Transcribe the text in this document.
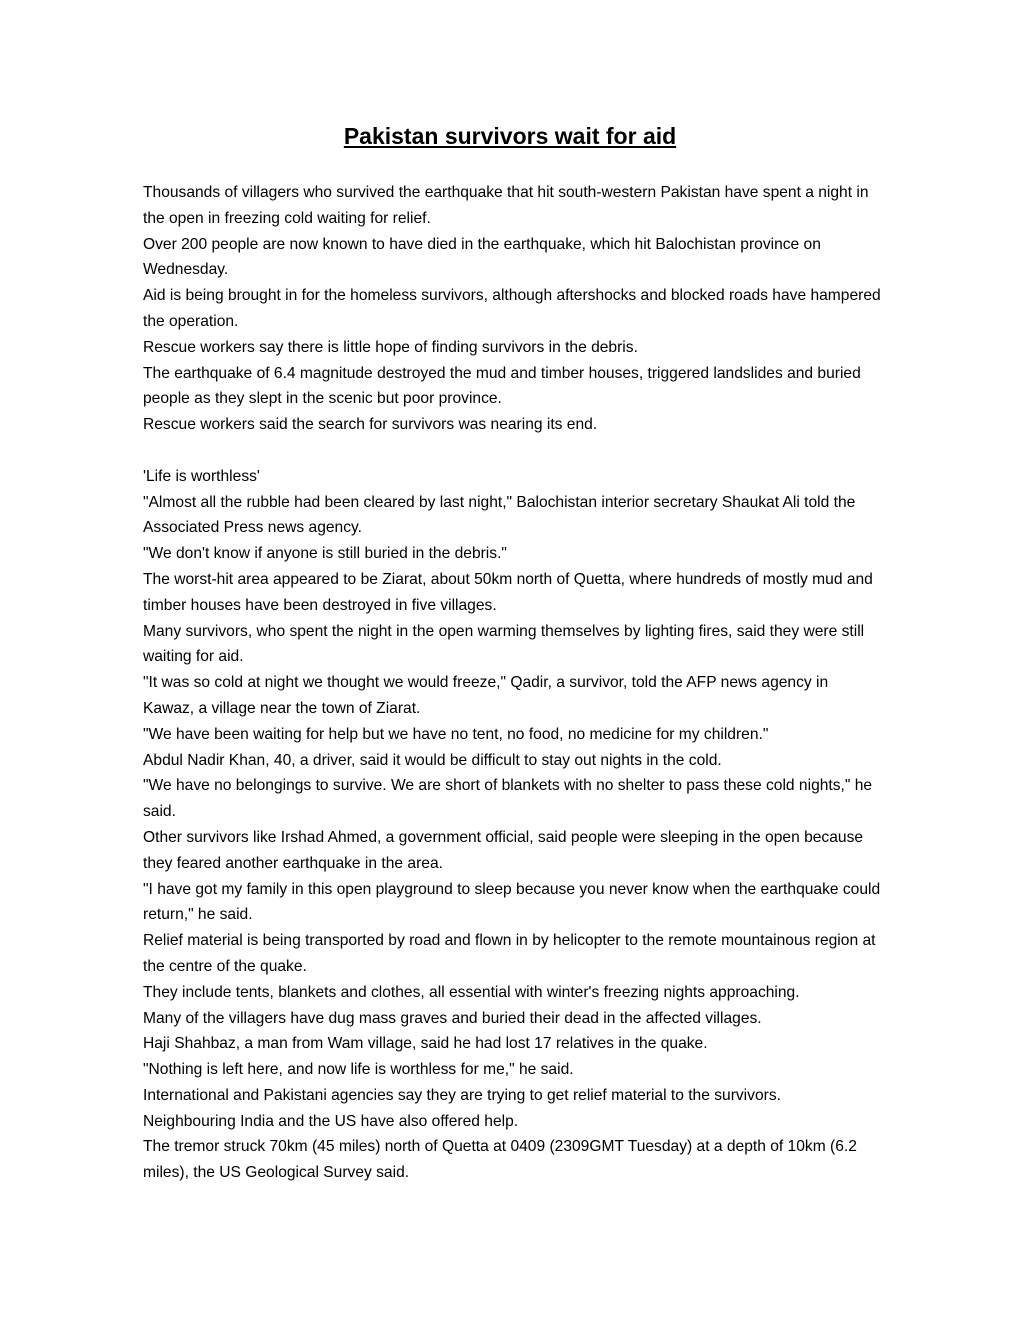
Pakistan survivors wait for aid

Thousands of villagers who survived the earthquake that hit south-western Pakistan have spent a night in the open in freezing cold waiting for relief.

Over 200 people are now known to have died in the earthquake, which hit Balochistan province on Wednesday.

Aid is being brought in for the homeless survivors, although aftershocks and blocked roads have hampered the operation.

Rescue workers say there is little hope of finding survivors in the debris.

The earthquake of 6.4 magnitude destroyed the mud and timber houses, triggered landslides and buried people as they slept in the scenic but poor province.

Rescue workers said the search for survivors was nearing its end.

'Life is worthless'

"Almost all the rubble had been cleared by last night," Balochistan interior secretary Shaukat Ali told the Associated Press news agency.

"We don't know if anyone is still buried in the debris."

The worst-hit area appeared to be Ziarat, about 50km north of Quetta, where hundreds of mostly mud and timber houses have been destroyed in five villages.

Many survivors, who spent the night in the open warming themselves by lighting fires, said they were still waiting for aid.

"It was so cold at night we thought we would freeze," Qadir, a survivor, told the AFP news agency in Kawaz, a village near the town of Ziarat.

"We have been waiting for help but we have no tent, no food, no medicine for my children."

Abdul Nadir Khan, 40, a driver, said it would be difficult to stay out nights in the cold.

"We have no belongings to survive. We are short of blankets with no shelter to pass these cold nights," he said.

Other survivors like Irshad Ahmed, a government official, said people were sleeping in the open because they feared another earthquake in the area.

"I have got my family in this open playground to sleep because you never know when the earthquake could return," he said.

Relief material is being transported by road and flown in by helicopter to the remote mountainous region at the centre of the quake.

They include tents, blankets and clothes, all essential with winter's freezing nights approaching.

Many of the villagers have dug mass graves and buried their dead in the affected villages.

Haji Shahbaz, a man from Wam village, said he had lost 17 relatives in the quake.

"Nothing is left here, and now life is worthless for me," he said.

International and Pakistani agencies say they are trying to get relief material to the survivors.

Neighbouring India and the US have also offered help.

The tremor struck 70km (45 miles) north of Quetta at 0409 (2309GMT Tuesday) at a depth of 10km (6.2 miles), the US Geological Survey said.
